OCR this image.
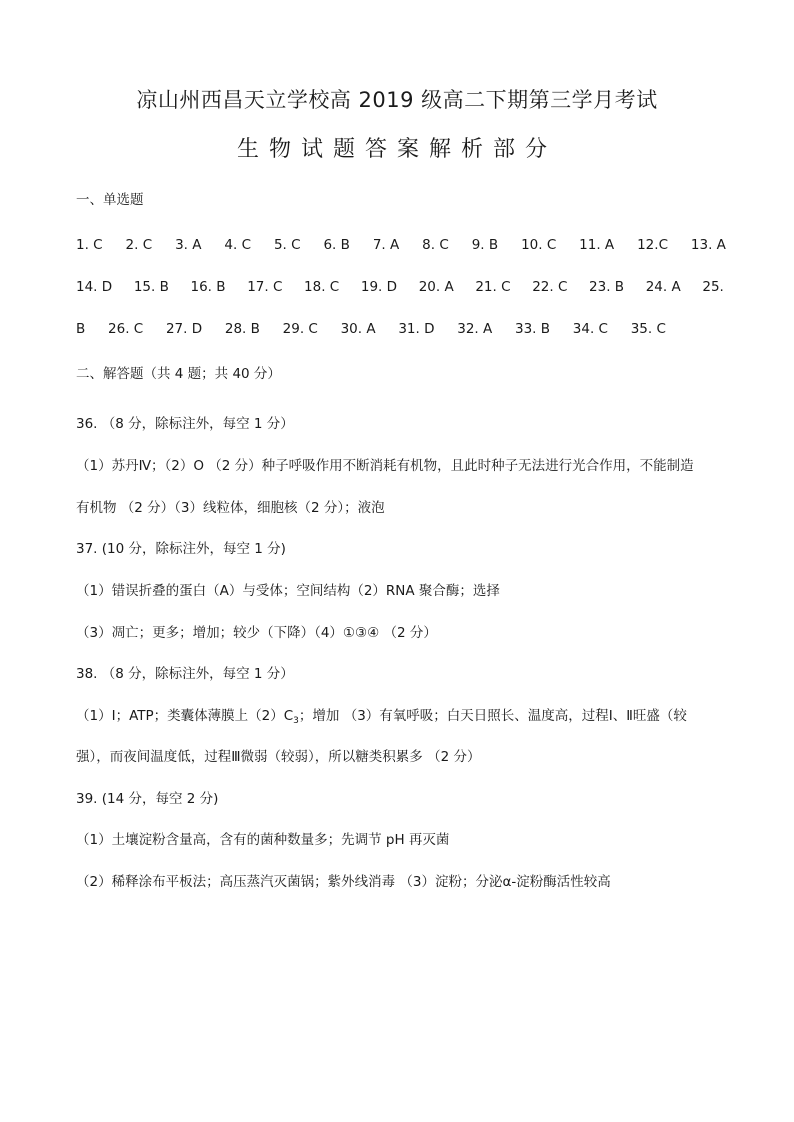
凉山州西昌天立学校高 2019 级高二下期第三学月考试
生物试题答案解析部分
一、单选题
1. C 2. C 3. A 4. C 5. C 6. B 7. A 8. C 9. B 10. C 11. A 12.C 13. A
14. D 15. B 16. B 17. C 18. C 19. D 20. A 21. C 22. C 23. B 24. A 25.
B 26. C 27. D 28. B 29. C 30. A 31. D 32. A 33. B 34. C 35. C
二、解答题（共 4 题；共 40 分）
36. （8 分，除标注外，每空 1 分）
（1）苏丹Ⅳ；（2）O （2 分）种子呼吸作用不断消耗有机物，且此时种子无法进行光合作用，不能制造
有机物 （2 分）（3）线粒体，细胞核（2 分）；液泡
37. (10 分，除标注外，每空 1 分)
（1）错误折叠的蛋白（A）与受体；空间结构（2）RNA 聚合酶；选择
（3）凋亡；更多；增加；较少（下降）（4）①③④ （2 分）
38. （8 分，除标注外，每空 1 分）
（1）I；ATP；类囊体薄膜上$(2)C_3$；增加 （3）有氧呼吸；白天日照长、温度高，过程Ⅰ、Ⅱ旺盛（较
强），而夜间温度低，过程Ⅲ微弱（较弱），所以糖类积累多 （2 分）
39. (14 分，每空 2 分)
（1）土壤淀粉含量高，含有的菌种数量多；先调节 pH 再灭菌
（2）稀释涂布平板法；高压蒸汽灭菌锅；紫外线消毒 （3）淀粉；分泌α-淀粉酶活性较高
